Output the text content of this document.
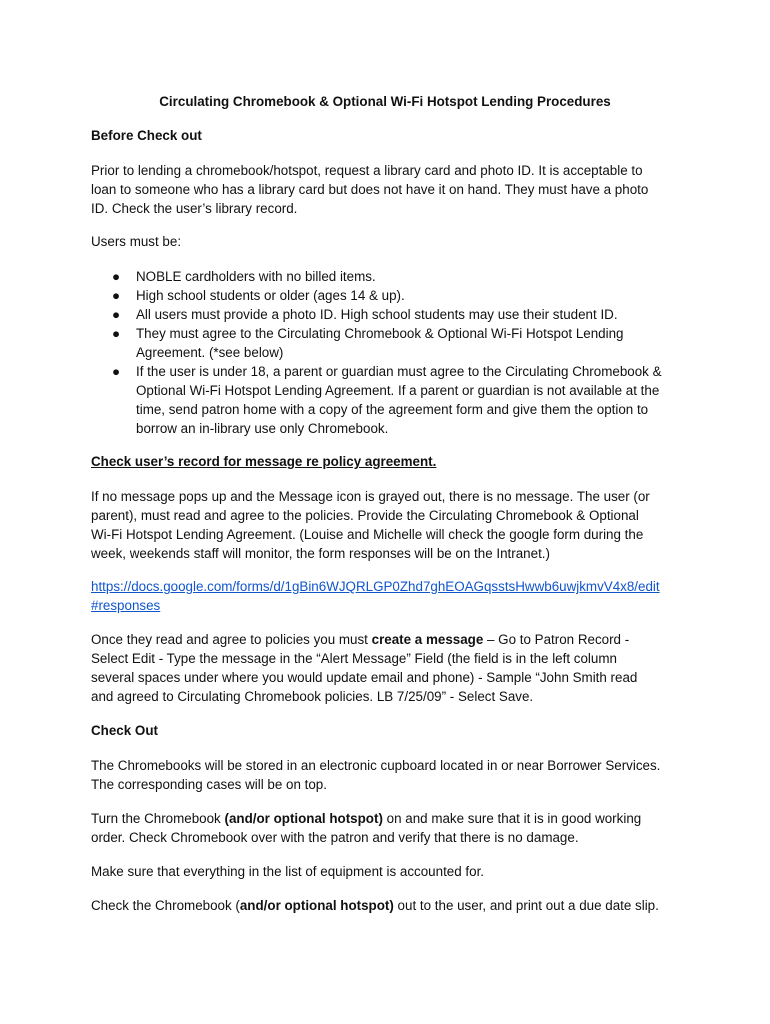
Circulating Chromebook & Optional Wi-Fi Hotspot Lending Procedures
Before Check out
Prior to lending a chromebook/hotspot, request a library card and photo ID. It is acceptable to
loan to someone who has a library card but does not have it on hand. They must have a photo
ID. Check the user’s library record.
Users must be:
● NOBLE cardholders with no billed items.
● High school students or older (ages 14 & up).
● All users must provide a photo ID. High school students may use their student ID.
● They must agree to the Circulating Chromebook & Optional Wi-Fi Hotspot Lending
Agreement. (*see below)
● If the user is under 18, a parent or guardian must agree to the Circulating Chromebook &
Optional Wi-Fi Hotspot Lending Agreement. If a parent or guardian is not available at the
time, send patron home with a copy of the agreement form and give them the option to
borrow an in-library use only Chromebook.
Check user’s record for message re policy agreement.
If no message pops up and the Message icon is grayed out, there is no message. The user (or
parent), must read and agree to the policies. Provide the Circulating Chromebook & Optional
Wi-Fi Hotspot Lending Agreement. (Louise and Michelle will check the google form during the
week, weekends staff will monitor, the form responses will be on the Intranet.)
https://docs.google.com/forms/d/1gBin6WJQRLGP0Zhd7ghEOAGqsstsHwwb6uwjkmvV4x8/edit
#responses
Once they read and agree to policies you must create a message – Go to Patron Record -
Select Edit - Type the message in the “Alert Message” Field (the field is in the left column
several spaces under where you would update email and phone) - Sample “John Smith read
and agreed to Circulating Chromebook policies. LB 7/25/09” - Select Save.
Check Out
The Chromebooks will be stored in an electronic cupboard located in or near Borrower Services.
The corresponding cases will be on top.
Turn the Chromebook (and/or optional hotspot) on and make sure that it is in good working
order. Check Chromebook over with the patron and verify that there is no damage.
Make sure that everything in the list of equipment is accounted for.
Check the Chromebook (and/or optional hotspot) out to the user, and print out a due date slip.
